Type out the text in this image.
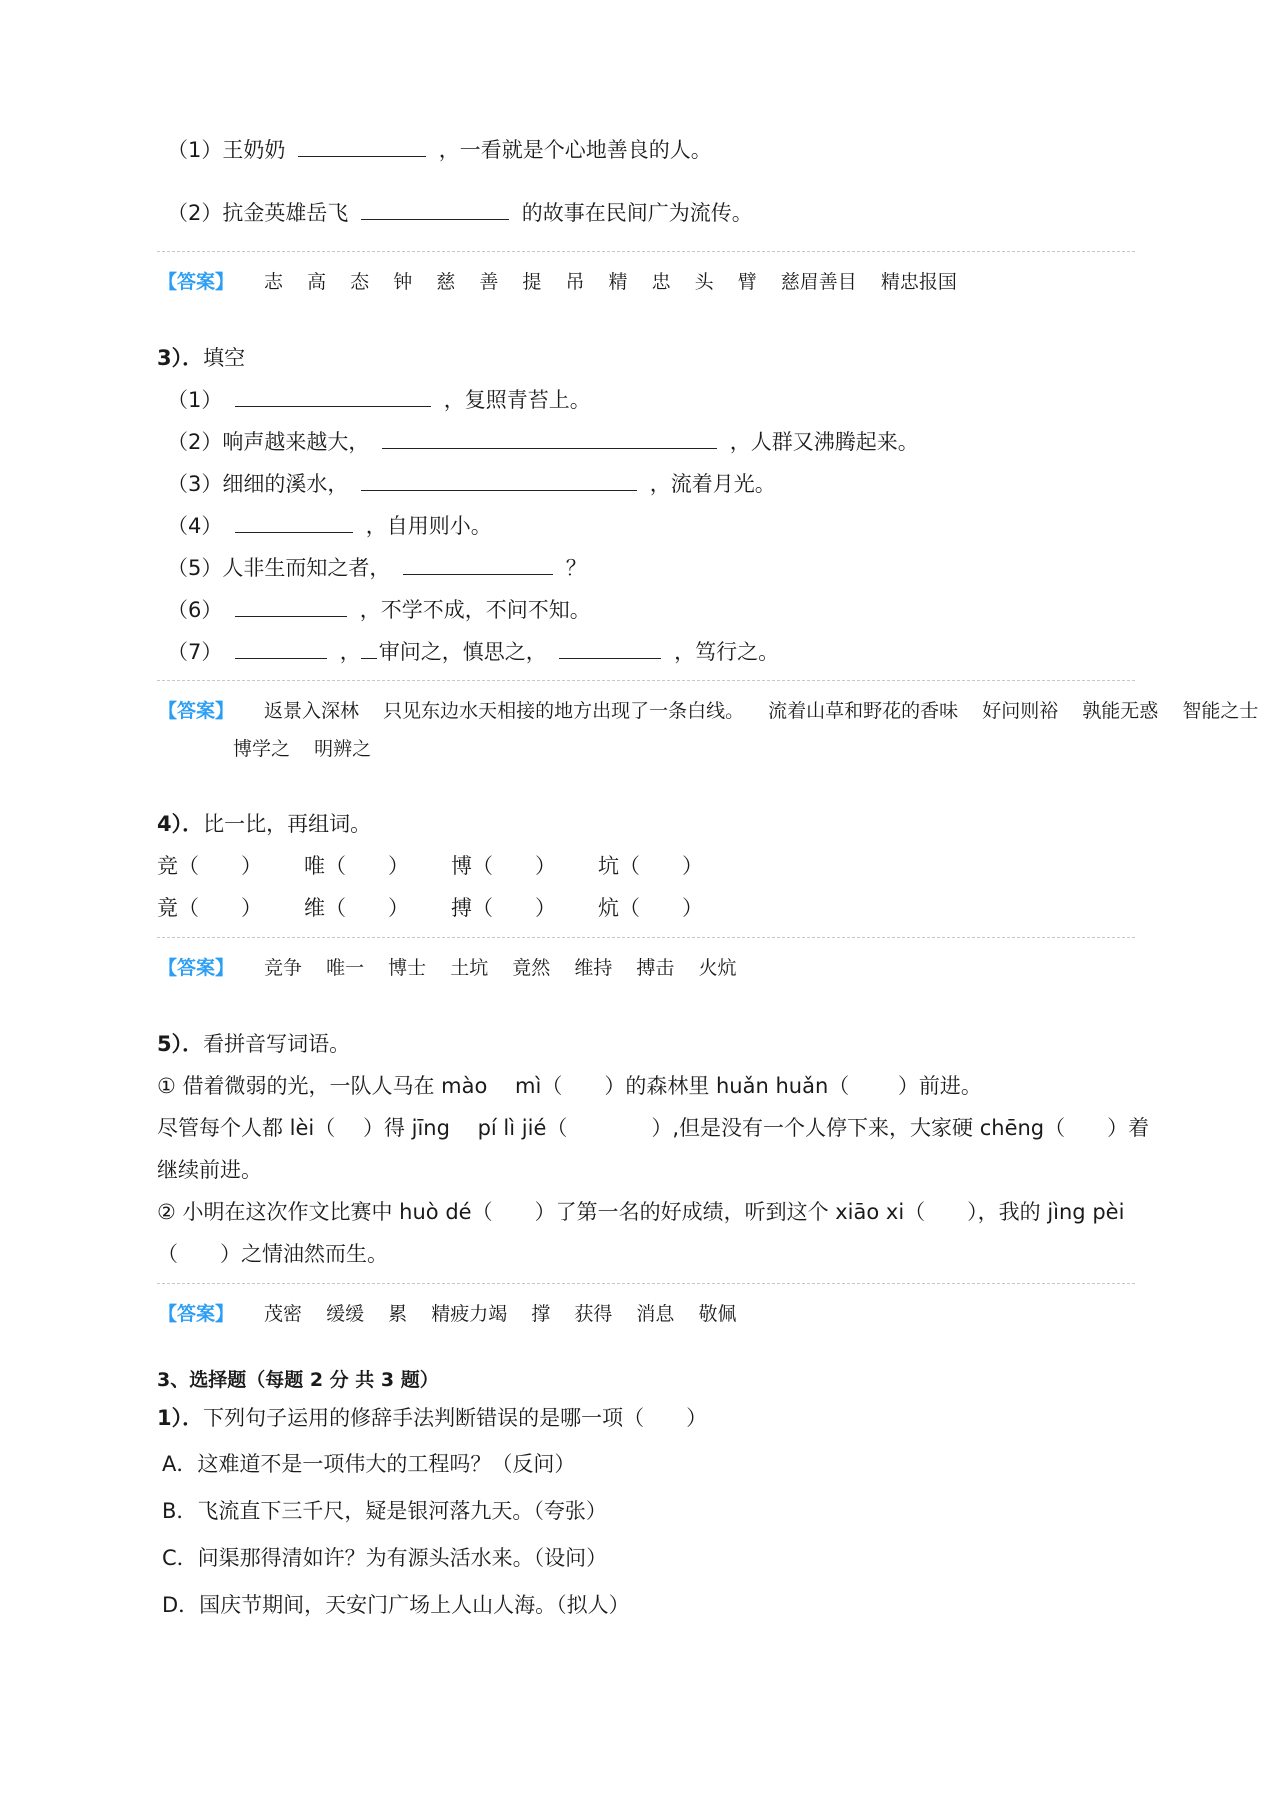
（1）王奶奶	，一看就是个心地善良的人。
（2）抗金英雄岳飞	的故事在民间广为流传。
【答案】 志 高 态 钟 慈 善 提 吊 精 忠 头 臂 慈眉善目 精忠报国
3）．填空
（1）	，复照青苔上。
（2）响声越来越大，	，人群又沸腾起来。
（3）细细的溪水，	，流着月光。
（4）	，自用则小。
（5）人非生而知之者，	？
（6）	，不学不成，不问不知。
（7）	， 审问之，慎思之，	，笃行之。
【答案】 返景入深林 只见东边水天相接的地方出现了一条白线。 流着山草和野花的香味 好问则裕 孰能无惑 智能之士
博学之 明辨之
4）．比一比，再组词。
竞（ ） 唯（ ） 博（ ） 坑（ ）
竟（ ） 维（ ） 搏（ ） 炕（ ）
【答案】 竞争 唯一 博士 土坑 竟然 维持 搏击 火炕
5）．看拼音写词语。
① 借着微弱的光，一队人马在 mào　 mì（　　）的森林里 huǎn huǎn（　　 ）前进。
尽管每个人都 lèi（　 ）得 jīng　 pí lì jié（　　　　）,但是没有一个人停下来，大家硬 chēng（　　）着
继续前进。
② 小明在这次作文比赛中 huò dé（　　）了第一名的好成绩，听到这个 xiāo xi（　　），我的 jìng pèi
（　　）之情油然而生。
【答案】 茂密 缓缓 累 精疲力竭 撑 获得 消息 敬佩
3、选择题（每题 2 分 共 3 题）
1）．下列句子运用的修辞手法判断错误的是哪一项（　　）
A．这难道不是一项伟大的工程吗？（反问）
B．飞流直下三千尺，疑是银河落九天。（夸张）
C．问渠那得清如许？为有源头活水来。（设问）
D．国庆节期间，天安门广场上人山人海。（拟人）
